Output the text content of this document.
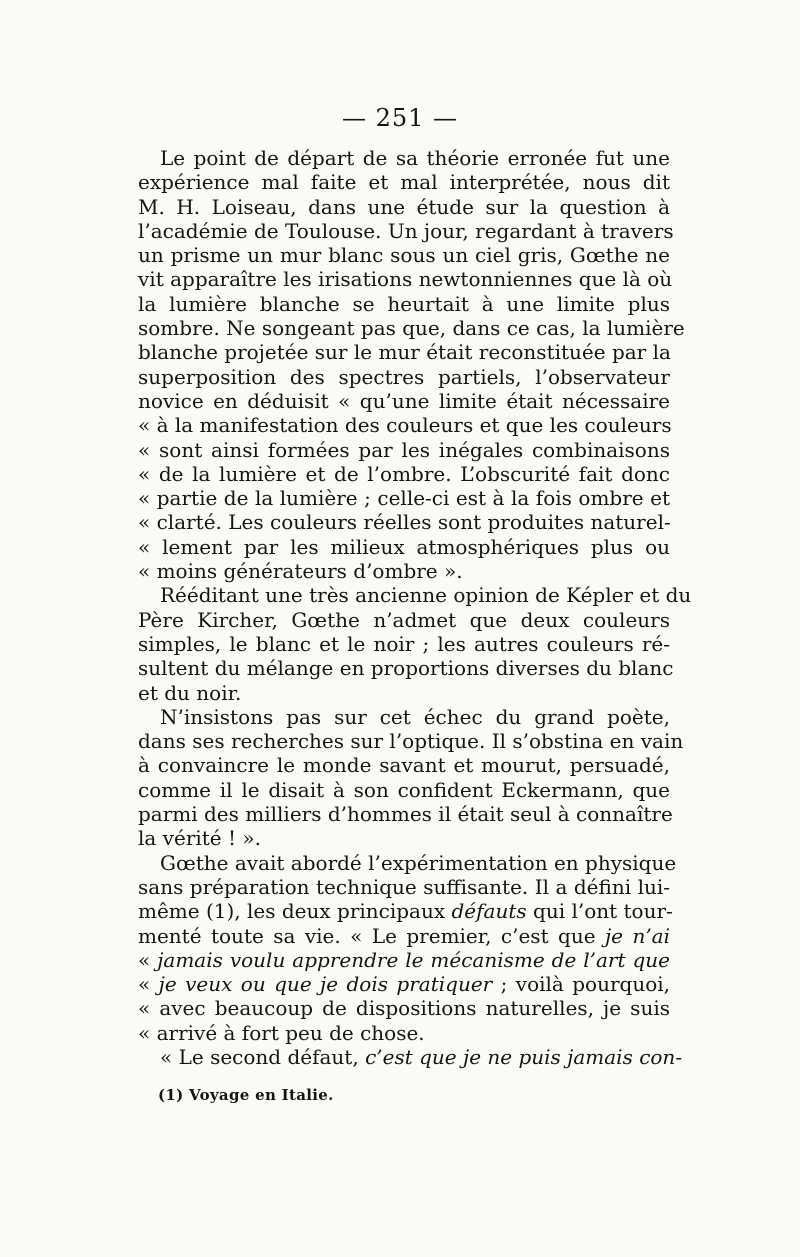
— 251 —
Le point de départ de sa théorie erronée fut une
expérience mal faite et mal interprétée, nous dit
M. H. Loiseau, dans une étude sur la question à
l’académie de Toulouse. Un jour, regardant à travers
un prisme un mur blanc sous un ciel gris, Gœthe ne
vit apparaître les irisations newtonniennes que là où
la lumière blanche se heurtait à une limite plus
sombre. Ne songeant pas que, dans ce cas, la lumière
blanche projetée sur le mur était reconstituée par la
superposition des spectres partiels, l’observateur
novice en déduisit « qu’une limite était nécessaire
« à la manifestation des couleurs et que les couleurs
« sont ainsi formées par les inégales combinaisons
« de la lumière et de l’ombre. L’obscurité fait donc
« partie de la lumière ; celle-ci est à la fois ombre et
« clarté. Les couleurs réelles sont produites naturel-
« lement par les milieux atmosphériques plus ou
« moins générateurs d’ombre ».
Rééditant une très ancienne opinion de Képler et du
Père Kircher, Gœthe n’admet que deux couleurs
simples, le blanc et le noir ; les autres couleurs ré-
sultent du mélange en proportions diverses du blanc
et du noir.
N’insistons pas sur cet échec du grand poète,
dans ses recherches sur l’optique. Il s’obstina en vain
à convaincre le monde savant et mourut, persuadé,
comme il le disait à son confident Eckermann, que
parmi des milliers d’hommes il était seul à connaître
la vérité ! ».
Gœthe avait abordé l’expérimentation en physique
sans préparation technique suffisante. Il a défini lui-
même (1), les deux principaux défauts qui l’ont tour-
menté toute sa vie. « Le premier, c’est que je n’ai
« jamais voulu apprendre le mécanisme de l’art que
« je veux ou que je dois pratiquer ; voilà pourquoi,
« avec beaucoup de dispositions naturelles, je suis
« arrivé à fort peu de chose.
« Le second défaut, c’est que je ne puis jamais con-
(1) Voyage en Italie.
